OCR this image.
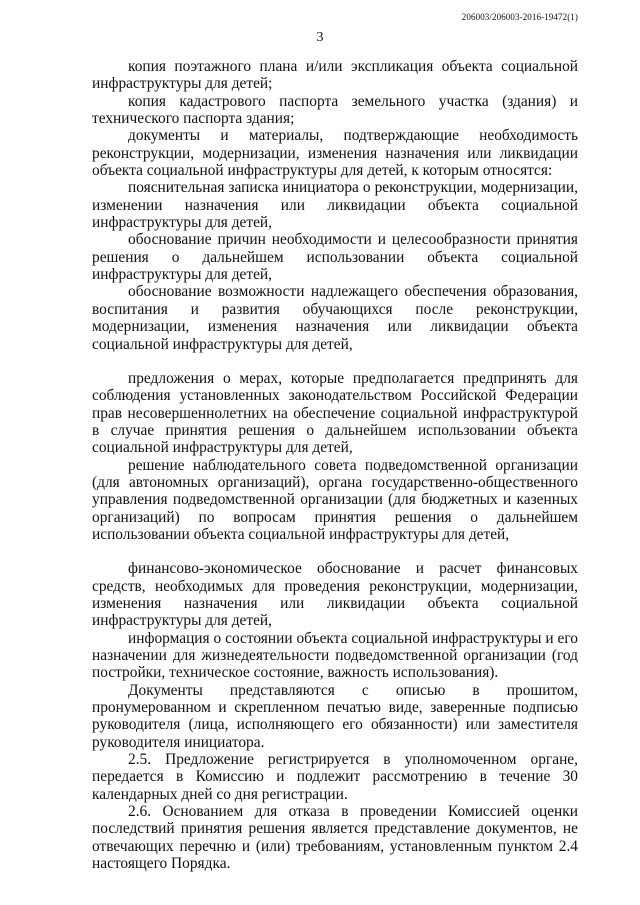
206003/206003-2016-19472(1)
3

копия поэтажного плана и/или экспликация объекта социальной инфраструктуры для детей;

копия кадастрового паспорта земельного участка (здания) и технического паспорта здания;

документы и материалы, подтверждающие необходимость реконструкции, модернизации, изменения назначения или ликвидации объекта социальной инфраструктуры для детей, к которым относятся:

пояснительная записка инициатора о реконструкции, модернизации, изменении назначения или ликвидации объекта социальной инфраструктуры для детей,

обоснование причин необходимости и целесообразности принятия решения о дальнейшем использовании объекта социальной инфраструктуры для детей,

обоснование возможности надлежащего обеспечения образования, воспитания и развития обучающихся после реконструкции, модернизации, изменения назначения или ликвидации объекта социальной инфраструктуры для детей,

предложения о мерах, которые предполагается предпринять для соблюдения установленных законодательством Российской Федерации прав несовершеннолетних на обеспечение социальной инфраструктурой в случае принятия решения о дальнейшем использовании объекта социальной инфраструктуры для детей,

решение наблюдательного совета подведомственной организации (для автономных организаций), органа государственно-общественного управления подведомственной организации (для бюджетных и казенных организаций) по вопросам принятия решения о дальнейшем использовании объекта социальной инфраструктуры для детей,

финансово-экономическое обоснование и расчет финансовых средств, необходимых для проведения реконструкции, модернизации, изменения назначения или ликвидации объекта социальной инфраструктуры для детей,

информация о состоянии объекта социальной инфраструктуры и его назначении для жизнедеятельности подведомственной организации (год постройки, техническое состояние, важность использования).

Документы представляются с описью в прошитом, пронумерованном и скрепленном печатью виде, заверенные подписью руководителя (лица, исполняющего его обязанности) или заместителя руководителя инициатора.

2.5. Предложение регистрируется в уполномоченном органе, передается в Комиссию и подлежит рассмотрению в течение 30 календарных дней со дня регистрации.

2.6. Основанием для отказа в проведении Комиссией оценки последствий принятия решения является представление документов, не отвечающих перечню и (или) требованиям, установленным пунктом 2.4 настоящего Порядка.
